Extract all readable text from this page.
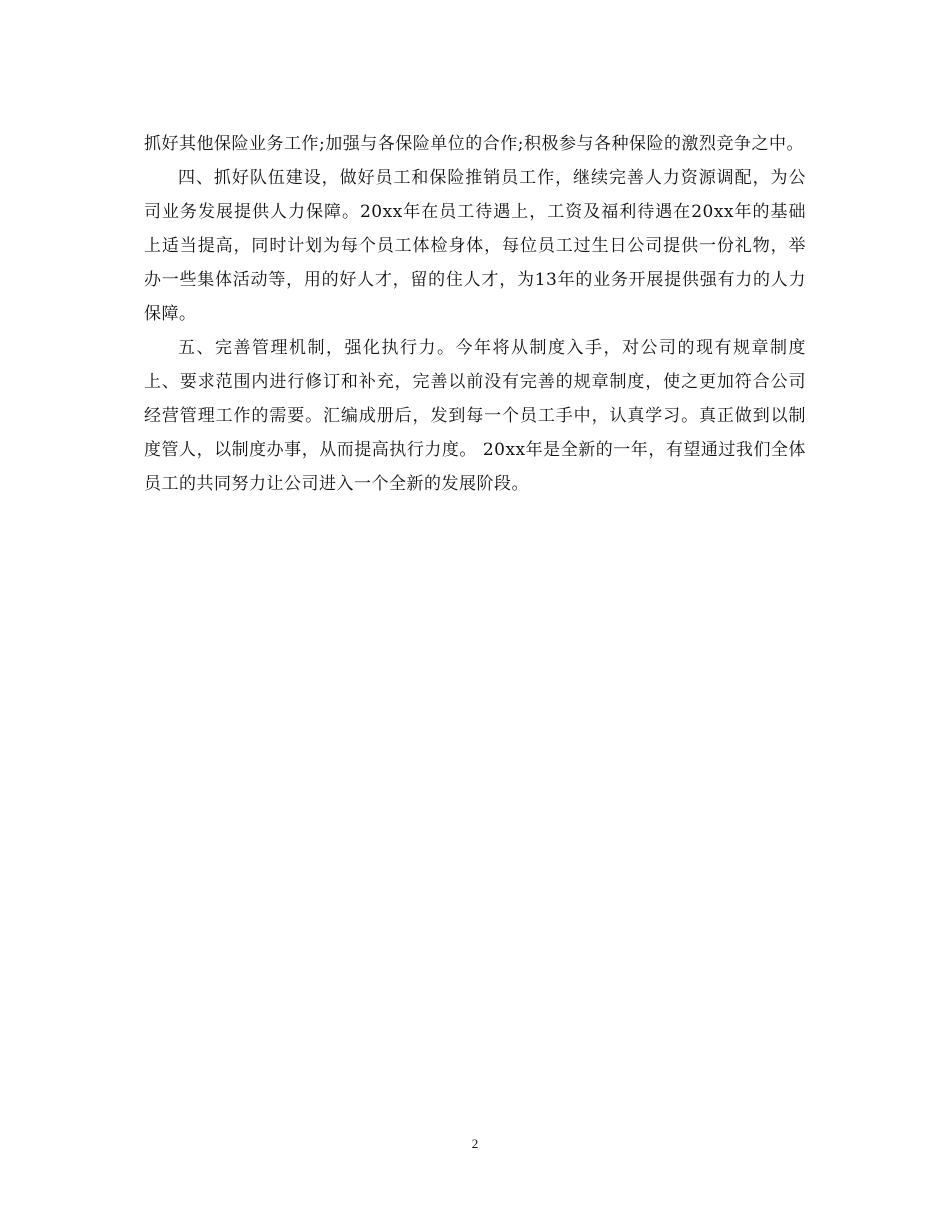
抓好其他保险业务工作;加强与各保险单位的合作;积极参与各种保险的激烈竞争之中。

四、抓好队伍建设，做好员工和保险推销员工作，继续完善人力资源调配，为公司业务发展提供人力保障。20xx年在员工待遇上，工资及福利待遇在20xx年的基础上适当提高，同时计划为每个员工体检身体，每位员工过生日公司提供一份礼物，举办一些集体活动等，用的好人才，留的住人才，为13年的业务开展提供强有力的人力保障。

五、完善管理机制，强化执行力。今年将从制度入手，对公司的现有规章制度上、要求范围内进行修订和补充，完善以前没有完善的规章制度，使之更加符合公司经营管理工作的需要。汇编成册后，发到每一个员工手中，认真学习。真正做到以制度管人，以制度办事，从而提高执行力度。 20xx年是全新的一年，有望通过我们全体员工的共同努力让公司进入一个全新的发展阶段。

2
